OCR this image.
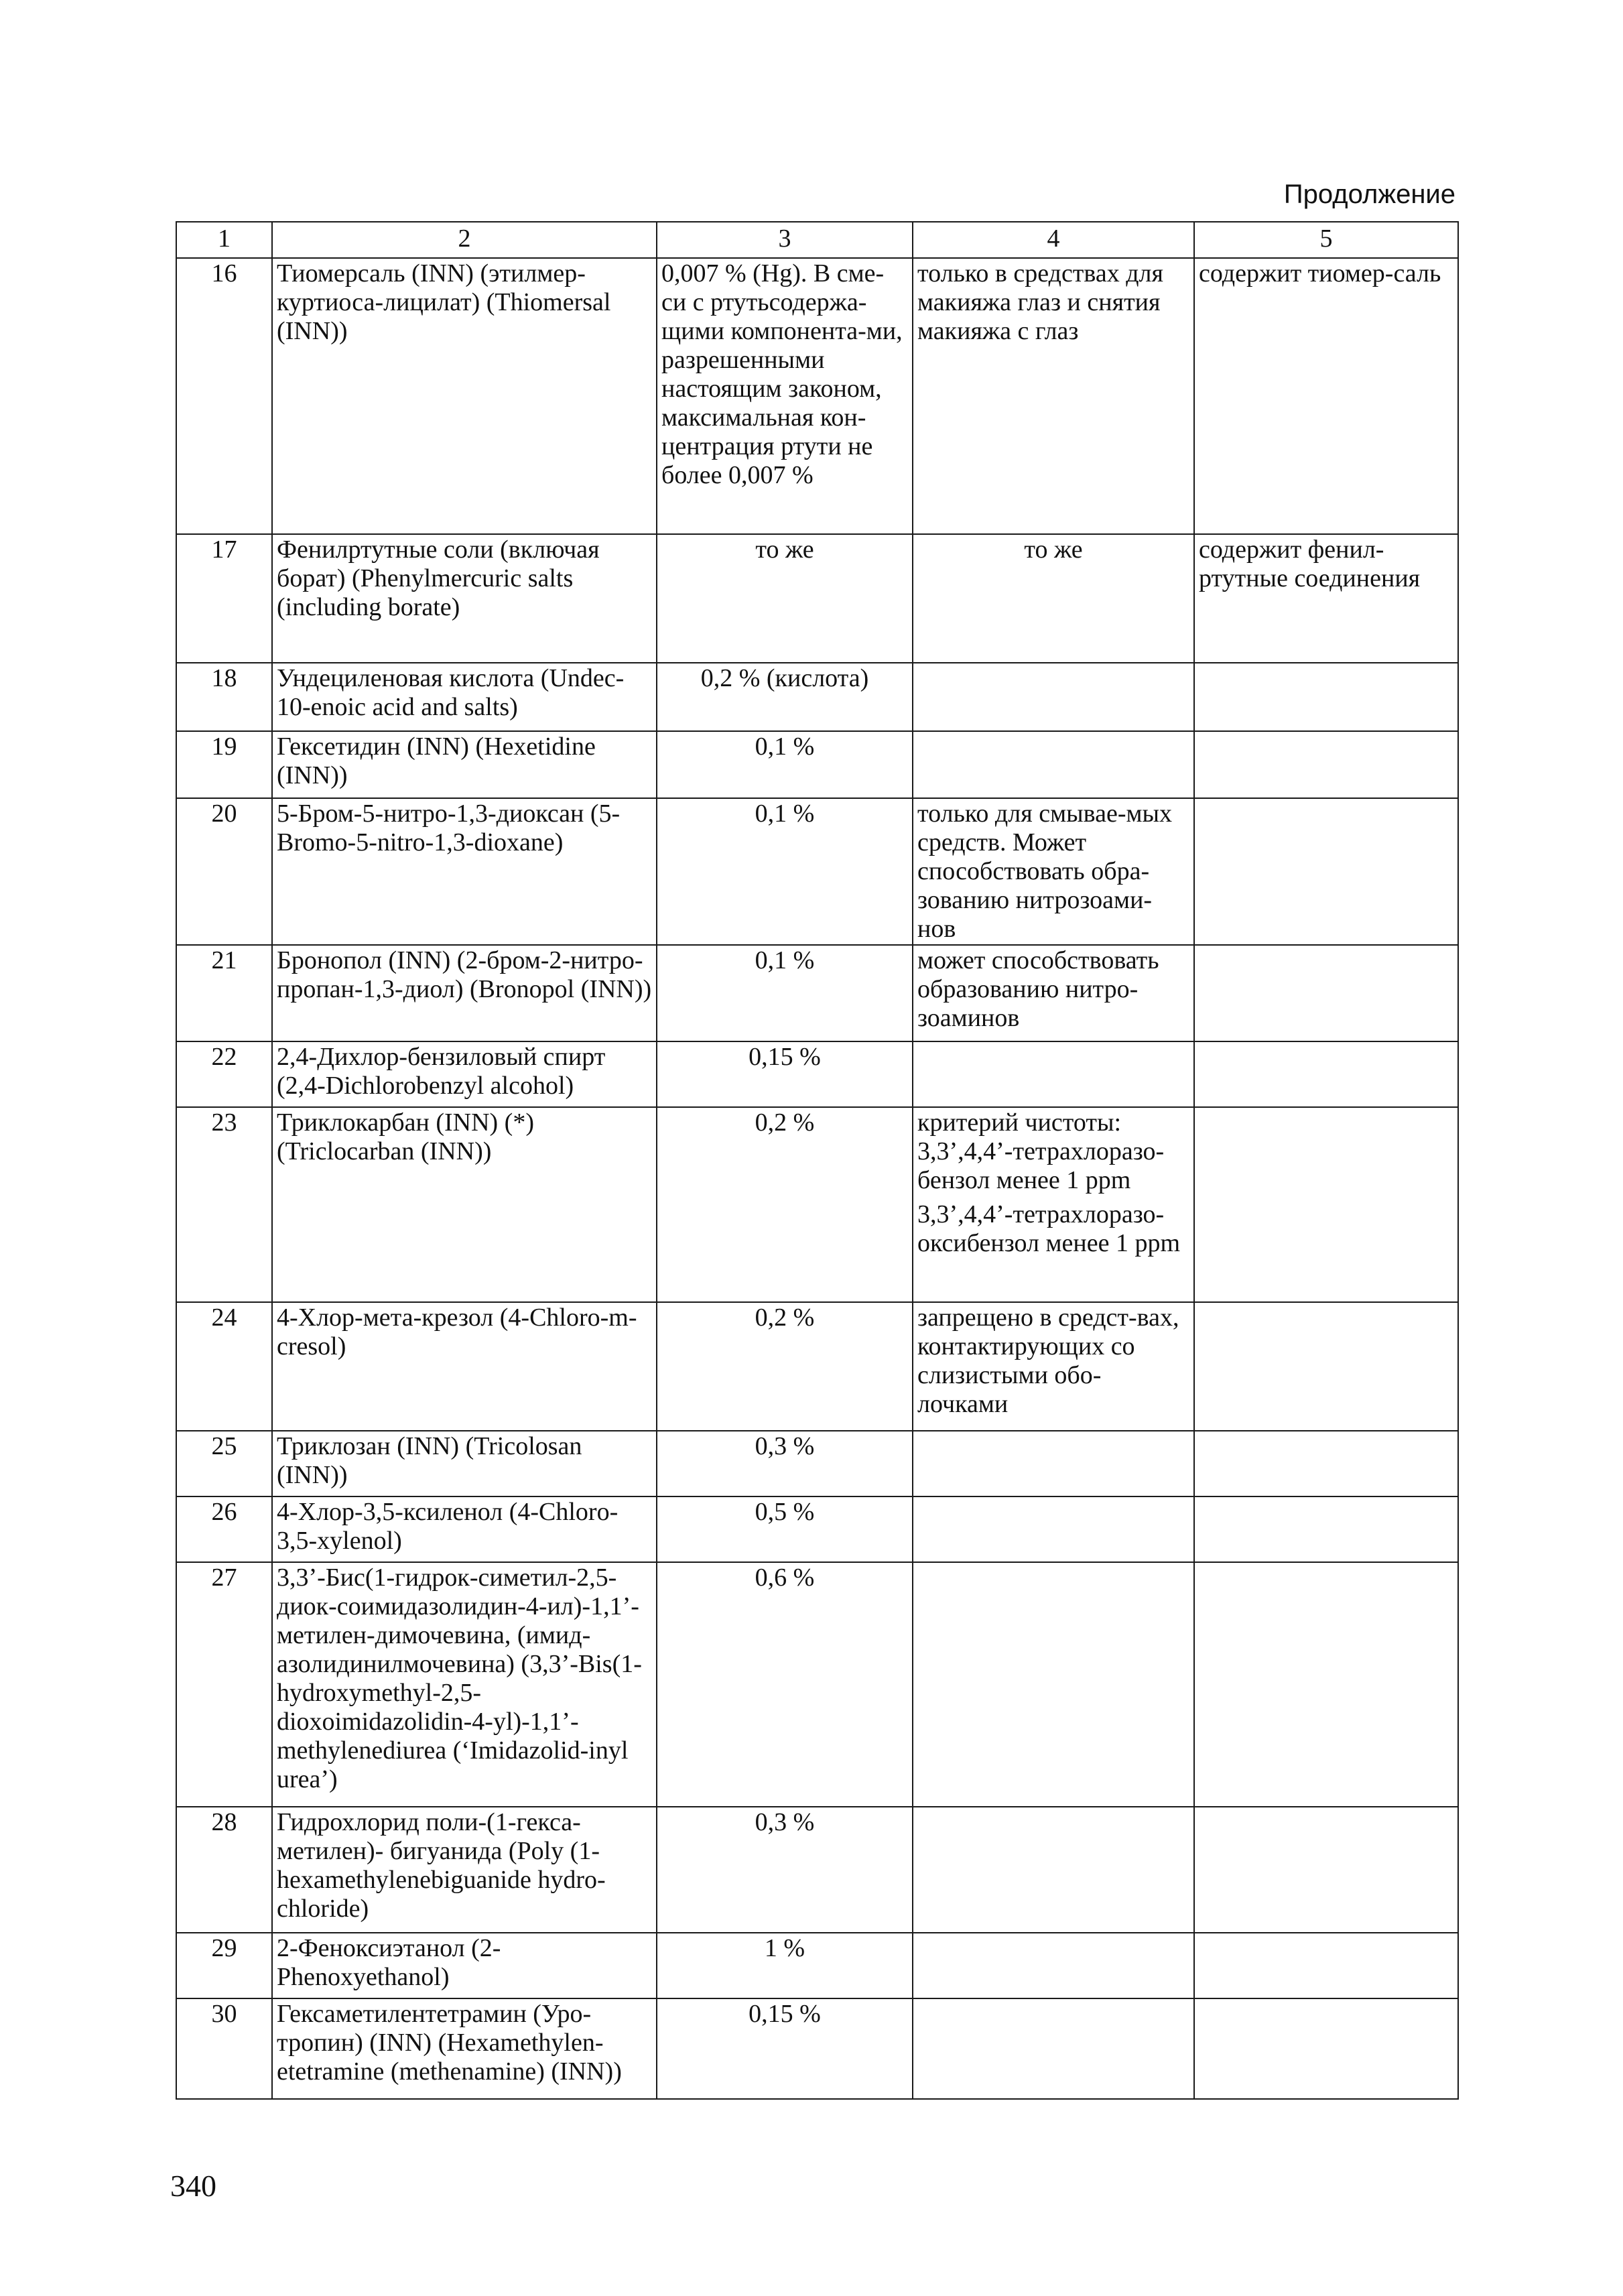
Продолжение
1	2	3	4	5
16	Тиомерсаль (INN) (этилмер-куртиоса-лицилат) (Thiomersal (INN))	0,007 % (Hg). В сме-си с ртутьсодержа-щими компонента-ми, разрешенными настоящим законом, максимальная кон-центрация ртути не более 0,007 %	только в средствах для макияжа глаз и снятия макияжа с глаз	содержит тиомер-саль
17	Фенилртутные соли (включая борат) (Phenylmercuric salts (including borate)	то же	то же	содержит фенил-ртутные соединения
18	Ундециленовая кислота (Undec-10-enoic acid and salts)	0,2 % (кислота)		
19	Гексетидин (INN) (Hexetidine (INN))	0,1 %		
20	5-Бром-5-нитро-1,3-диоксан (5-Bromo-5-nitro-1,3-dioxane)	0,1 %	только для смывае-мых средств. Может способствовать обра-зованию нитрозоами-нов	

21	Бронопол (INN) (2-бром-2-нитро-пропан-1,3-диол) (Bronopol (INN))	0,1 %	может способствовать образованию нитро-зоаминов	

22	2,4-Дихлор-бензиловый спирт (2,4-Dichlorobenzyl alcohol)	0,15 %		
23	Триклокарбан (INN) (*)(Triclocarban (INN))	0,2 %	критерий чистоты: 3,3’,4,4’-тетрахлоразо-бензол менее 1 ppm
3,3’,4,4’-тетрахлоразо-оксибензол менее 1 ppm	

24	4-Хлор-мета-крезол (4-Chloro-m-cresol)	0,2 %	запрещено в средст-вах, контактирующих со слизистыми обо-лочками	

25	Триклозан (INN) (Tricolosan (INN))	0,3 %		
26	4-Хлор-3,5-ксиленол (4-Chloro-3,5-xylenol)	0,5 %		
27	3,3’-Бис(1-гидрок-симетил-2,5-диок-соимидазолидин-4-ил)-1,1’-метилен-димочевина, (имид-азолидинилмочевина) (3,3’-Bis(1-hydroxymethyl-2,5-dioxoimidazolidin-4-yl)-1,1’-methylenediurea (‘Imidazolid-inyl urea’)	0,6 %		
28	Гидрохлорид поли-(1-гекса-метилен)- бигуанида (Poly (1-hexamethylenebiguanide hydro-chloride)	0,3 %		
29	2-Феноксиэтанол (2-Phenoxyethanol)	1 %		
30	Гексаметилентетрамин (Уро-тропин) (INN) (Hexamethylen-etetramine (methenamine) (INN))	0,15 %		
340
